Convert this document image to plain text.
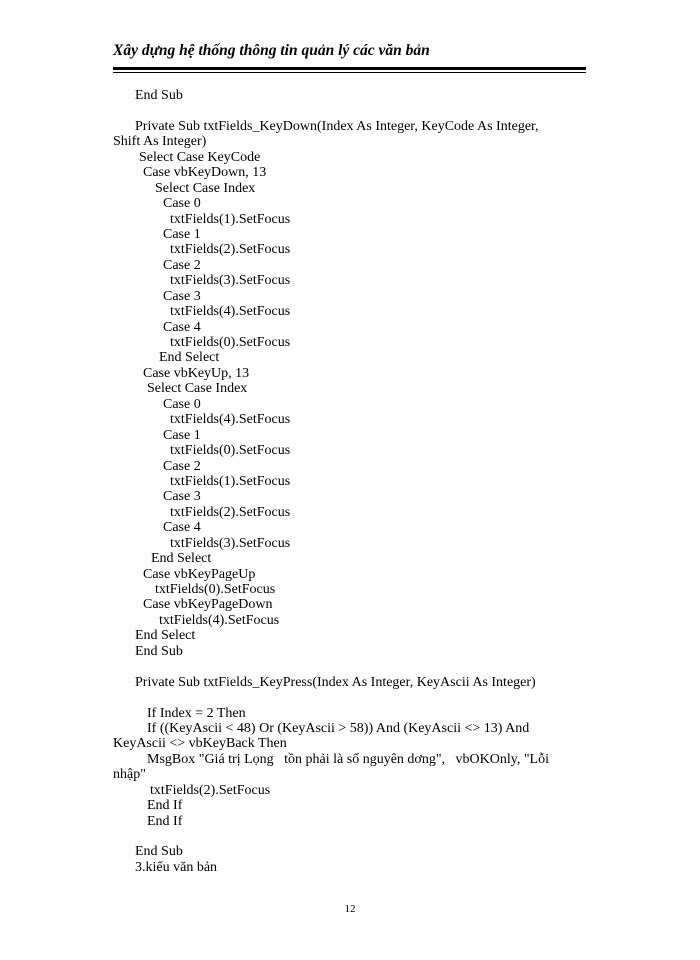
Xây dựng hệ thống thông tin quản lý các văn bản
End Sub
Private Sub txtFields_KeyDown(Index As Integer, KeyCode As Integer,
Shift As Integer)
Select Case KeyCode
Case vbKeyDown, 13
Select Case Index
Case 0
txtFields(1).SetFocus
Case 1
txtFields(2).SetFocus
Case 2
txtFields(3).SetFocus
Case 3
txtFields(4).SetFocus
Case 4
txtFields(0).SetFocus
End Select
Case vbKeyUp, 13
Select Case Index
Case 0
txtFields(4).SetFocus
Case 1
txtFields(0).SetFocus
Case 2
txtFields(1).SetFocus
Case 3
txtFields(2).SetFocus
Case 4
txtFields(3).SetFocus
End Select
Case vbKeyPageUp
txtFields(0).SetFocus
Case vbKeyPageDown
txtFields(4).SetFocus
End Select
End Sub
Private Sub txtFields_KeyPress(Index As Integer, KeyAscii As Integer)
If Index = 2 Then
If ((KeyAscii < 48) Or (KeyAscii > 58)) And (KeyAscii <> 13) And
KeyAscii <> vbKeyBack Then
MsgBox "Giá trị Lọng   tồn phải là số nguyên dơng",   vbOKOnly, "Lỗi
nhập"
txtFields(2).SetFocus
End If
End If
End Sub
3.kiểu văn bản
12
